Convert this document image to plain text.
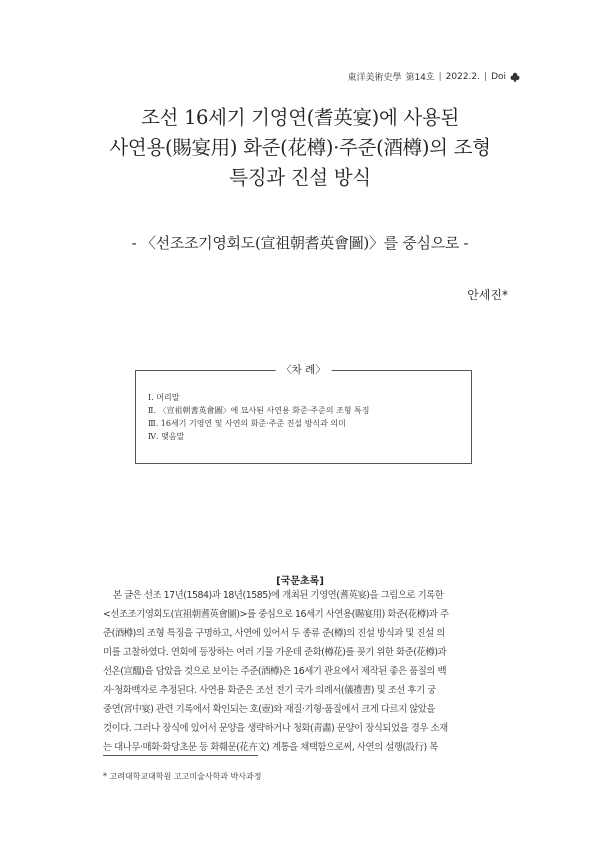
東洋美術史學 第14호 | 2022.2. | Doi
조선 16세기 기영연(耆英宴)에 사용된
사연용(賜宴用) 화준(花樽)·주준(酒樽)의 조형
특징과 진설 방식
- 〈선조조기영회도(宣祖朝耆英會圖)〉를 중심으로 -
안세진*
〈차 례〉
Ⅰ. 머리말
Ⅱ. 〈宣祖朝耆英會圖〉에 묘사된 사연용 화준·주준의 조형 특징
Ⅲ. 16세기 기영연 및 사연의 화준·주준 진설 방식과 의미
Ⅳ. 맺음말
[국문초록]
본 글은 선조 17년(1584)과 18년(1585)에 개최된 기영연(耆英宴)을 그림으로 기록한
<선조조기영회도(宣祖朝耆英會圖)>를 중심으로 16세기 사연용(賜宴用) 화준(花樽)과 주
준(酒樽)의 조형 특징을 구명하고, 사연에 있어서 두 종류 준(樽)의 진설 방식과 및 진설 의
미를 고찰하였다. 연회에 등장하는 여러 기물 가운데 준화(樽花)를 꽂기 위한 화준(花樽)과
선온(宣醞)을 담았을 것으로 보이는 주준(酒樽)은 16세기 관요에서 제작된 좋은 품질의 백
자·청화백자로 추정된다. 사연용 화준은 조선 전기 국가 의례서(儀禮書) 및 조선 후기 궁
중연(宮中宴) 관련 기록에서 확인되는 호(壺)와 재질·기형·품질에서 크게 다르지 않았을
것이다. 그러나 장식에 있어서 문양을 생략하거나 청화(靑畵) 문양이 장식되었을 경우 소재
는 대나무·매화·화당초문 등 화훼문(花卉文) 계통을 채택함으로써, 사연의 설행(設行) 목
* 고려대학교대학원 고고미술사학과 박사과정
